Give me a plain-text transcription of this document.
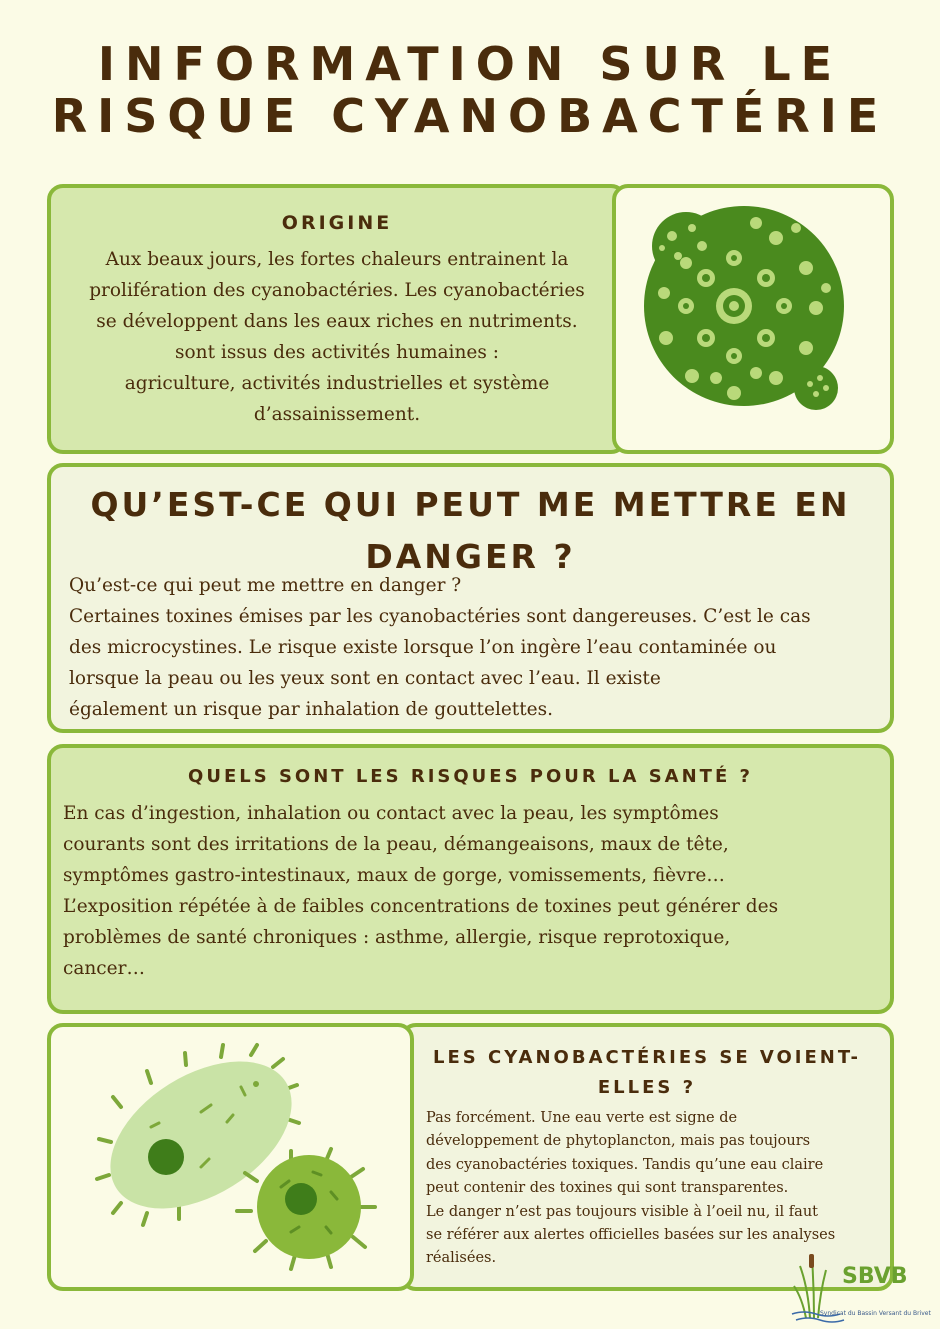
INFORMATION SUR LE
RISQUE CYANOBACTÉRIE
ORIGINE
Aux beaux jours, les fortes chaleurs entrainent la
prolifération des cyanobactéries. Les cyanobactéries
se développent dans les eaux riches en nutriments.
sont issus des activités humaines :
agriculture, activités industrielles et système
d’assainissement.
QU’EST-CE QUI PEUT ME METTRE EN
DANGER ?
Qu’est-ce qui peut me mettre en danger ?
Certaines toxines émises par les cyanobactéries sont dangereuses. C’est le cas
des microcystines. Le risque existe lorsque l’on ingère l’eau contaminée ou
lorsque la peau ou les yeux sont en contact avec l’eau. Il existe
également un risque par inhalation de gouttelettes.
QUELS SONT LES RISQUES POUR LA SANTÉ ?
En cas d’ingestion, inhalation ou contact avec la peau, les symptômes
courants sont des irritations de la peau, démangeaisons, maux de tête,
symptômes gastro-intestinaux, maux de gorge, vomissements, fièvre…
L’exposition répétée à de faibles concentrations de toxines peut générer des
problèmes de santé chroniques : asthme, allergie, risque reprotoxique,
cancer…
LES CYANOBACTÉRIES SE VOIENT-
ELLES ?
Pas forcément. Une eau verte est signe de
développement de phytoplancton, mais pas toujours
des cyanobactéries toxiques. Tandis qu’une eau claire
peut contenir des toxines qui sont transparentes.
Le danger n’est pas toujours visible à l’oeil nu, il faut
se référer aux alertes officielles basées sur les analyses
réalisées.
SBVB
Syndicat du Bassin Versant du Brivet
